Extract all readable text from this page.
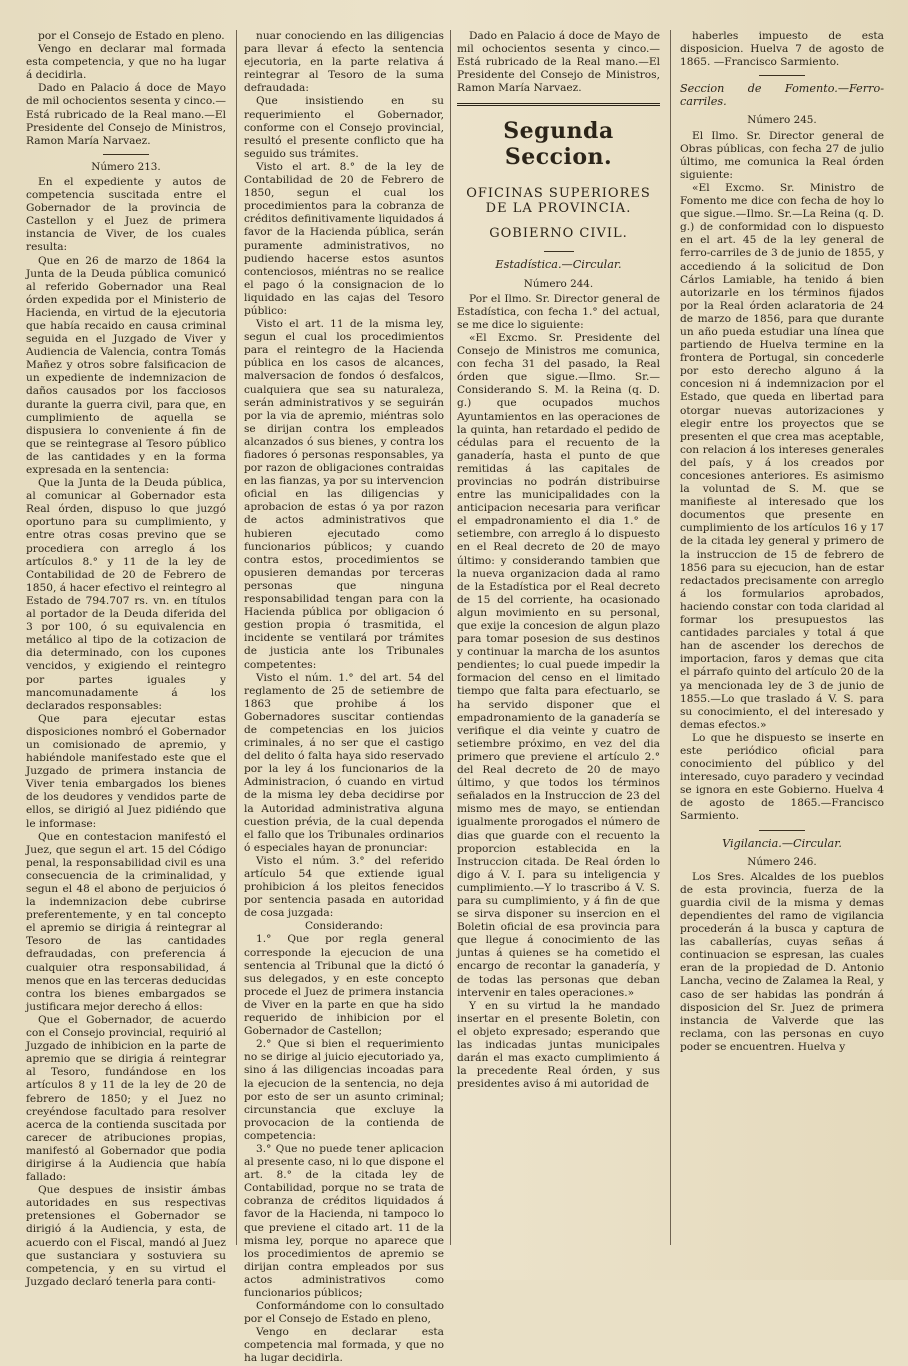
por el Consejo de Estado en pleno.

Vengo en declarar mal formada esta competencia, y que no ha lugar á decidirla.

Dado en Palacio á doce de Mayo de mil ochocientos sesenta y cinco.—Está rubricado de la Real mano.—El Presidente del Consejo de Ministros, Ramon María Narvaez.

Número 213.

En el expediente y autos de competencia suscitada entre el Gobernador de la provincia de Castellon y el Juez de primera instancia de Viver, de los cuales resulta:

Que en 26 de marzo de 1864 la Junta de la Deuda pública comunicó al referido Gobernador una Real órden expedida por el Ministerio de Hacienda, en virtud de la ejecutoria que había recaido en causa criminal seguida en el Juzgado de Viver y Audiencia de Valencia, contra Tomás Mañez y otros sobre falsificacion de un expediente de indemnizacion de daños causados por los facciosos durante la guerra civil, para que, en cumplimiento de aquella se dispusiera lo conveniente á fin de que se reintegrase al Tesoro público de las cantidades y en la forma expresada en la sentencia:

Que la Junta de la Deuda pública, al comunicar al Gobernador esta Real órden, dispuso lo que juzgó oportuno para su cumplimiento, y entre otras cosas previno que se procediera con arreglo á los artículos 8.° y 11 de la ley de Contabilidad de 20 de Febrero de 1850, á hacer efectivo el reintegro al Estado de 794.707 rs. vn. en títulos al portador de la Deuda diferida del 3 por 100, ó su equivalencia en metálico al tipo de la cotizacion de dia determinado, con los cupones vencidos, y exigiendo el reintegro por partes iguales y mancomunadamente á los declarados responsables:

Que para ejecutar estas disposiciones nombró el Gobernador un comisionado de apremio, y habiéndole manifestado este que el Juzgado de primera instancia de Viver tenia embargados los bienes de los deudores y vendidos parte de ellos, se dirigió al Juez pidiéndo que le informase:

Que en contestacion manifestó el Juez, que segun el art. 15 del Código penal, la responsabilidad civil es una consecuencia de la criminalidad, y segun el 48 el abono de perjuicios ó la indemnizacion debe cubrirse preferentemente, y en tal concepto el apremio se dirigia á reintegrar al Tesoro de las cantidades defraudadas, con preferencia á cualquier otra responsabilidad, á menos que en las terceras deducidas contra los bienes embargados se justificara mejor derecho á ellos:

Que el Gobernador, de acuerdo con el Consejo provincial, requirió al Juzgado de inhibicion en la parte de apremio que se dirigia á reintegrar al Tesoro, fundándose en los artículos 8 y 11 de la ley de 20 de febrero de 1850; y el Juez no creyéndose facultado para resolver acerca de la contienda suscitada por carecer de atribuciones propias, manifestó al Gobernador que podia dirigirse á la Audiencia que había fallado:

Que despues de insistir ámbas autoridades en sus respectivas pretensiones el Gobernador se dirigió á la Audiencia, y esta, de acuerdo con el Fiscal, mandó al Juez que sustanciara y sostuviera su competencia, y en su virtud el Juzgado declaró tenerla para conti-

nuar conociendo en las diligencias para llevar á efecto la sentencia ejecutoria, en la parte relativa á reintegrar al Tesoro de la suma defraudada:

Que insistiendo en su requerimiento el Gobernador, conforme con el Consejo provincial, resultó el presente conflicto que ha seguido sus trámites.

Visto el art. 8.° de la ley de Contabilidad de 20 de Febrero de 1850, segun el cual los procedimientos para la cobranza de créditos definitivamente liquidados á favor de la Hacienda pública, serán puramente administrativos, no pudiendo hacerse estos asuntos contenciosos, miéntras no se realice el pago ó la consignacion de lo liquidado en las cajas del Tesoro público:

Visto el art. 11 de la misma ley, segun el cual los procedimientos para el reintegro de la Hacienda pública en los casos de alcances, malversacion de fondos ó desfalcos, cualquiera que sea su naturaleza, serán administrativos y se seguirán por la via de apremio, miéntras solo se dirijan contra los empleados alcanzados ó sus bienes, y contra los fiadores ó personas responsables, ya por razon de obligaciones contraidas en las fianzas, ya por su intervencion oficial en las diligencias y aprobacion de estas ó ya por razon de actos administrativos que hubieren ejecutado como funcionarios públicos; y cuando contra estos, procedimientos se opusieren demandas por terceras personas que ninguna responsabilidad tengan para con la Hacienda pública por obligacion ó gestion propia ó trasmitida, el incidente se ventilará por trámites de justicia ante los Tribunales competentes:

Visto el núm. 1.° del art. 54 del reglamento de 25 de setiembre de 1863 que prohibe á los Gobernadores suscitar contiendas de competencias en los juicios criminales, á no ser que el castigo del delito ó falta haya sido reservado por la ley á los funcionarios de la Administracion, ó cuando en virtud de la misma ley deba decidirse por la Autoridad administrativa alguna cuestion prévia, de la cual dependa el fallo que los Tribunales ordinarios ó especiales hayan de pronunciar:

Visto el núm. 3.° del referido artículo 54 que extiende igual prohibicion á los pleitos fenecidos por sentencia pasada en autoridad de cosa juzgada:

Considerando:

1.° Que por regla general corresponde la ejecucion de una sentencia al Tribunal que la dictó ó sus delegados, y en este concepto procede el Juez de primera instancia de Viver en la parte en que ha sido requerido de inhibicion por el Gobernador de Castellon;

2.° Que si bien el requerimiento no se dirige al juicio ejecutoriado ya, sino á las diligencias incoadas para la ejecucion de la sentencia, no deja por esto de ser un asunto criminal; circunstancia que excluye la provocacion de la contienda de competencia:

3.° Que no puede tener aplicacion al presente caso, ni lo que dispone el art. 8.° de la citada ley de Contabilidad, porque no se trata de cobranza de créditos liquidados á favor de la Hacienda, ni tampoco lo que previene el citado art. 11 de la misma ley, porque no aparece que los procedimientos de apremio se dirijan contra empleados por sus actos administrativos como funcionarios públicos;

Conformándome con lo consultado por el Consejo de Estado en pleno,

Vengo en declarar esta competencia mal formada, y que no ha lugar decidirla.

Dado en Palacio á doce de Mayo de mil ochocientos sesenta y cinco.—Está rubricado de la Real mano.—El Presidente del Consejo de Ministros, Ramon María Narvaez.

Segunda Seccion.
OFICINAS SUPERIORES DE LA PROVINCIA.
GOBIERNO CIVIL.

Estadística.—Circular.

Número 244.

Por el Ilmo. Sr. Director general de Estadística, con fecha 1.° del actual, se me dice lo siguiente:

«El Excmo. Sr. Presidente del Consejo de Ministros me comunica, con fecha 31 del pasado, la Real órden que sigue.—Ilmo. Sr.—Considerando S. M. la Reina (q. D. g.) que ocupados muchos Ayuntamientos en las operaciones de la quinta, han retardado el pedido de cédulas para el recuento de la ganadería, hasta el punto de que remitidas á las capitales de provincias no podrán distribuirse entre las municipalidades con la anticipacion necesaria para verificar el empadronamiento el dia 1.° de setiembre, con arreglo á lo dispuesto en el Real decreto de 20 de mayo último: y considerando tambien que la nueva organizacion dada al ramo de la Estadística por el Real decreto de 15 del corriente, ha ocasionado algun movimiento en su personal, que exije la concesion de algun plazo para tomar posesion de sus destinos y continuar la marcha de los asuntos pendientes; lo cual puede impedir la formacion del censo en el limitado tiempo que falta para efectuarlo, se ha servido disponer que el empadronamiento de la ganadería se verifique el dia veinte y cuatro de setiembre próximo, en vez del dia primero que previene el artículo 2.° del Real decreto de 20 de mayo último, y que todos los términos señalados en la Instruccion de 23 del mismo mes de mayo, se entiendan igualmente prorogados el número de dias que guarde con el recuento la proporcion establecida en la Instruccion citada. De Real órden lo digo á V. I. para su inteligencia y cumplimiento.—Y lo trascribo á V. S. para su cumplimiento, y á fin de que se sirva disponer su insercion en el Boletin oficial de esa provincia para que llegue á conocimiento de las juntas á quienes se ha cometido el encargo de recontar la ganadería, y de todas las personas que deban intervenir en tales operaciones.»

Y en su virtud la he mandado insertar en el presente Boletin, con el objeto expresado; esperando que las indicadas juntas municipales darán el mas exacto cumplimiento á la precedente Real órden, y sus presidentes aviso á mi autoridad de

haberles impuesto de esta disposicion. Huelva 7 de agosto de 1865. —Francisco Sarmiento.

Seccion de Fomento.—Ferro-carriles.

Número 245.

El Ilmo. Sr. Director general de Obras públicas, con fecha 27 de julio último, me comunica la Real órden siguiente:

«El Excmo. Sr. Ministro de Fomento me dice con fecha de hoy lo que sigue.—Ilmo. Sr.—La Reina (q. D. g.) de conformidad con lo dispuesto en el art. 45 de la ley general de ferro-carriles de 3 de junio de 1855, y accediendo á la solicitud de Don Cárlos Lamiable, ha tenido á bien autorizarle en los términos fijados por la Real órden aclaratoria de 24 de marzo de 1856, para que durante un año pueda estudiar una línea que partiendo de Huelva termine en la frontera de Portugal, sin concederle por esto derecho alguno á la concesion ni á indemnizacion por el Estado, que queda en libertad para otorgar nuevas autorizaciones y elegir entre los proyectos que se presenten el que crea mas aceptable, con relacion á los intereses generales del país, y á los creados por concesiones anteriores. Es asimismo la voluntad de S. M. que se manifieste al interesado que los documentos que presente en cumplimiento de los artículos 16 y 17 de la citada ley general y primero de la instruccion de 15 de febrero de 1856 para su ejecucion, han de estar redactados precisamente con arreglo á los formularios aprobados, haciendo constar con toda claridad al formar los presupuestos las cantidades parciales y total á que han de ascender los derechos de importacion, faros y demas que cita el párrafo quinto del artículo 20 de la ya mencionada ley de 3 de junio de 1855.—Lo que traslado á V. S. para su conocimiento, el del interesado y demas efectos.»

Lo que he dispuesto se inserte en este periódico oficial para conocimiento del público y del interesado, cuyo paradero y vecindad se ignora en este Gobierno. Huelva 4 de agosto de 1865.—Francisco Sarmiento.

Vigilancia.—Circular.

Número 246.

Los Sres. Alcaldes de los pueblos de esta provincia, fuerza de la guardia civil de la misma y demas dependientes del ramo de vigilancia procederán á la busca y captura de las caballerías, cuyas señas á continuacion se espresan, las cuales eran de la propiedad de D. Antonio Lancha, vecino de Zalamea la Real, y caso de ser habidas las pondrán á disposicion del Sr. Juez de primera instancia de Valverde que las reclama, con las personas en cuyo poder se encuentren. Huelva y
